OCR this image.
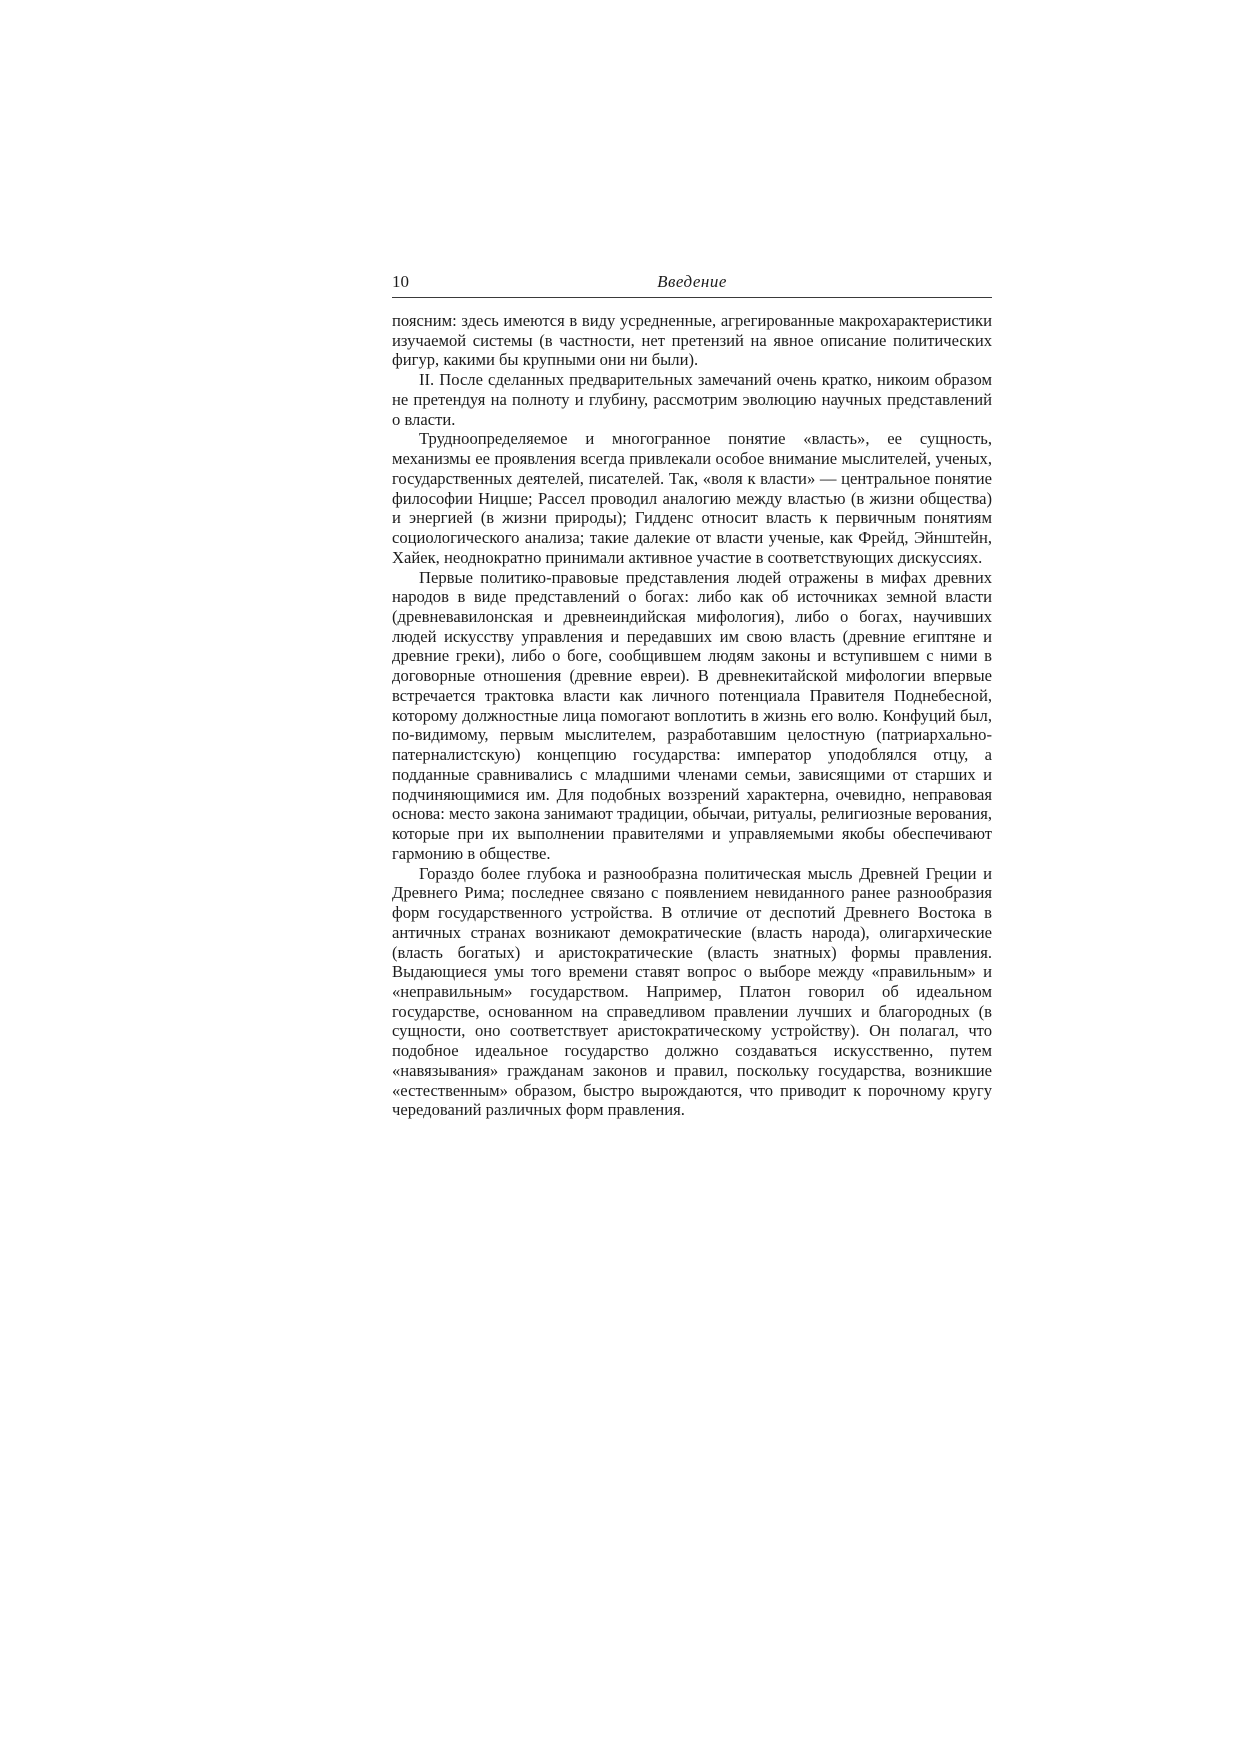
10	Введение

поясним: здесь имеются в виду усредненные, агрегированные макрохарактеристики изучаемой системы (в частности, нет претензий на явное описание политических фигур, какими бы крупными они ни были).

II. После сделанных предварительных замечаний очень кратко, никоим образом не претендуя на полноту и глубину, рассмотрим эволюцию научных представлений о власти.

Трудноопределяемое и многогранное понятие «власть», ее сущность, механизмы ее проявления всегда привлекали особое внимание мыслителей, ученых, государственных деятелей, писателей. Так, «воля к власти» — центральное понятие философии Ницше; Рассел проводил аналогию между властью (в жизни общества) и энергией (в жизни природы); Гидденс относит власть к первичным понятиям социологического анализа; такие далекие от власти ученые, как Фрейд, Эйнштейн, Хайек, неоднократно принимали активное участие в соответствующих дискуссиях.

Первые политико-правовые представления людей отражены в мифах древних народов в виде представлений о богах: либо как об источниках земной власти (древневавилонская и древнеиндийская мифология), либо о богах, научивших людей искусству управления и передавших им свою власть (древние египтяне и древние греки), либо о боге, сообщившем людям законы и вступившем с ними в договорные отношения (древние евреи). В древнекитайской мифологии впервые встречается трактовка власти как личного потенциала Правителя Поднебесной, которому должностные лица помогают воплотить в жизнь его волю. Конфуций был, по-видимому, первым мыслителем, разработавшим целостную (патриархально-патерналистскую) концепцию государства: император уподоблялся отцу, а подданные сравнивались с младшими членами семьи, зависящими от старших и подчиняющимися им. Для подобных воззрений характерна, очевидно, неправовая основа: место закона занимают традиции, обычаи, ритуалы, религиозные верования, которые при их выполнении правителями и управляемыми якобы обеспечивают гармонию в обществе.

Гораздо более глубока и разнообразна политическая мысль Древней Греции и Древнего Рима; последнее связано с появлением невиданного ранее разнообразия форм государственного устройства. В отличие от деспотий Древнего Востока в античных странах возникают демократические (власть народа), олигархические (власть богатых) и аристократические (власть знатных) формы правления. Выдающиеся умы того времени ставят вопрос о выборе между «правильным» и «неправильным» государством. Например, Платон говорил об идеальном государстве, основанном на справедливом правлении лучших и благородных (в сущности, оно соответствует аристократическому устройству). Он полагал, что подобное идеальное государство должно создаваться искусственно, путем «навязывания» гражданам законов и правил, поскольку государства, возникшие «естественным» образом, быстро вырождаются, что приводит к порочному кругу чередований различных форм правления.
